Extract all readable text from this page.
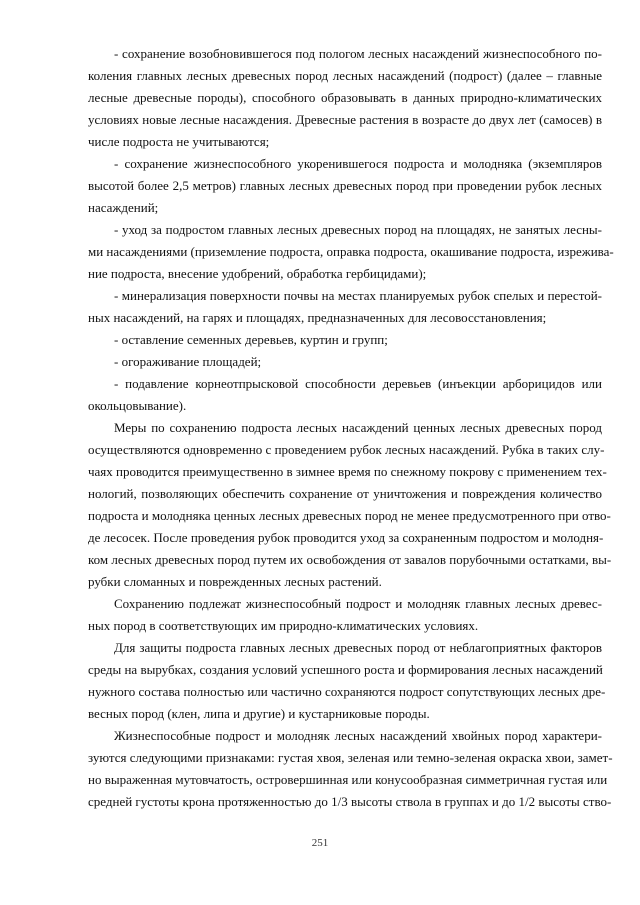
- сохранение возобновившегося под пологом лесных насаждений жизнеспособного по-
коления главных лесных древесных пород лесных насаждений (подрост) (далее – главные
лесные древесные породы), способного образовывать в данных природно-климатических
условиях новые лесные насаждения. Древесные растения в возрасте до двух лет (самосев) в
числе подроста не учитываются;
- сохранение жизнеспособного укоренившегося подроста и молодняка (экземпляров
высотой более 2,5 метров) главных лесных древесных пород при проведении рубок лесных
насаждений;
- уход за подростом главных лесных древесных пород на площадях, не занятых лесны-
ми насаждениями (приземление подроста, оправка подроста, окашивание подроста, изрежива-
ние подроста, внесение удобрений, обработка гербицидами);
- минерализация поверхности почвы на местах планируемых рубок спелых и перестой-
ных насаждений, на гарях и площадях, предназначенных для лесовосстановления;
- оставление семенных деревьев, куртин и групп;
- огораживание площадей;
- подавление корнеотпрысковой способности деревьев (инъекции арборицидов или
окольцовывание).
Меры по сохранению подроста лесных насаждений ценных лесных древесных пород
осуществляются одновременно с проведением рубок лесных насаждений. Рубка в таких слу-
чаях проводится преимущественно в зимнее время по снежному покрову с применением тех-
нологий, позволяющих обеспечить сохранение от уничтожения и повреждения количество
подроста и молодняка ценных лесных древесных пород не менее предусмотренного при отво-
де лесосек. После проведения рубок проводится уход за сохраненным подростом и молодня-
ком лесных древесных пород путем их освобождения от завалов порубочными остатками, вы-
рубки сломанных и поврежденных лесных растений.
Сохранению подлежат жизнеспособный подрост и молодняк главных лесных древес-
ных пород в соответствующих им природно-климатических условиях.
Для защиты подроста главных лесных древесных пород от неблагоприятных факторов
среды на вырубках, создания условий успешного роста и формирования лесных насаждений
нужного состава полностью или частично сохраняются подрост сопутствующих лесных дре-
весных пород (клен, липа и другие) и кустарниковые породы.
Жизнеспособные подрост и молодняк лесных насаждений хвойных пород характери-
зуются следующими признаками: густая хвоя, зеленая или темно-зеленая окраска хвои, замет-
но выраженная мутовчатость, островершинная или конусообразная симметричная густая или
средней густоты крона протяженностью до 1/3 высоты ствола в группах и до 1/2 высоты ство-
251
